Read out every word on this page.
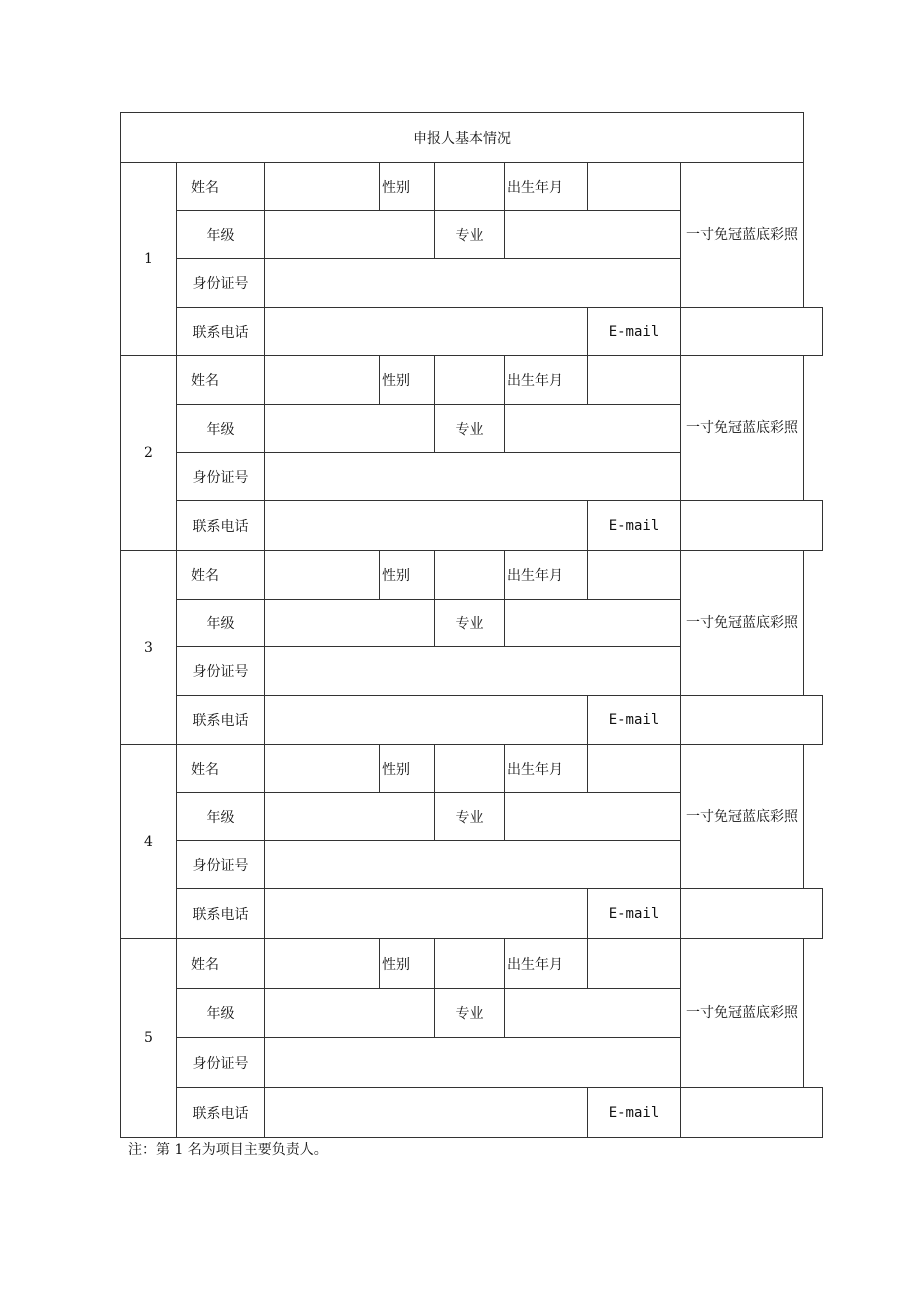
申报人基本情况							
1	姓名		性别		出生年月		一寸免冠蓝底彩照
	年级			专业			
	身份证号						
	联系电话					E-mail	
2	姓名		性别		出生年月		一寸免冠蓝底彩照
	年级			专业			
	身份证号						
	联系电话					E-mail	
3	姓名		性别		出生年月		一寸免冠蓝底彩照
	年级			专业			
	身份证号						
	联系电话					E-mail	
4	姓名		性别		出生年月		一寸免冠蓝底彩照
	年级			专业			
	身份证号						
	联系电话					E-mail	
5	姓名		性别		出生年月		一寸免冠蓝底彩照
	年级			专业			
	身份证号						
	联系电话					E-mail	
注：第 1 名为项目主要负责人。
